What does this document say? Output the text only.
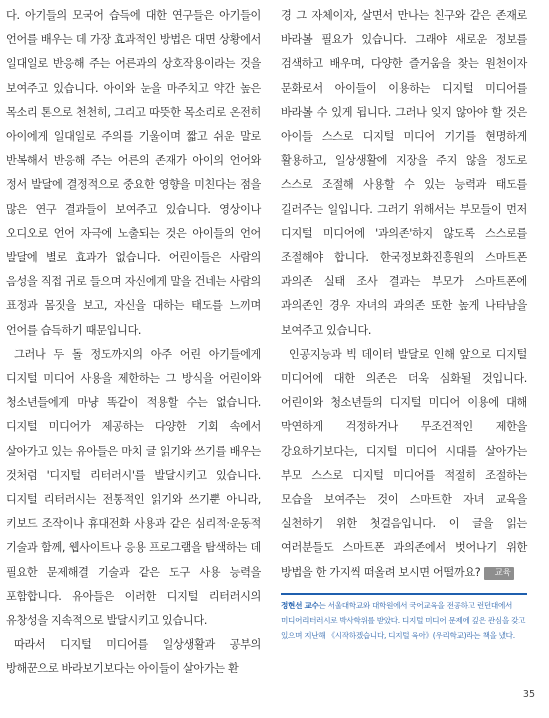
다. 아기들의 모국어 습득에 대한 연구들은 아기들이 언어를 배우는 데 가장 효과적인 방법은 대면 상황에서 일대일로 반응해 주는 어른과의 상호작용이라는 것을 보여주고 있습니다. 아이와 눈을 마주치고 약간 높은 목소리 톤으로 천천히, 그리고 따뜻한 목소리로 온전히 아이에게 일대일로 주의를 기울이며 짧고 쉬운 말로 반복해서 반응해 주는 어른의 존재가 아이의 언어와 정서 발달에 결정적으로 중요한 영향을 미친다는 점을 많은 연구 결과들이 보여주고 있습니다. 영상이나 오디오로 언어 자극에 노출되는 것은 아이들의 언어 발달에 별로 효과가 없습니다. 어린이들은 사람의 음성을 직접 귀로 들으며 자신에게 말을 건네는 사람의 표정과 몸짓을 보고, 자신을 대하는 태도를 느끼며 언어를 습득하기 때문입니다.

그러나 두 돌 정도까지의 아주 어린 아기들에게 디지털 미디어 사용을 제한하는 그 방식을 어린이와 청소년들에게 마냥 똑같이 적용할 수는 없습니다. 디지털 미디어가 제공하는 다양한 기회 속에서 살아가고 있는 유아들은 마치 글 읽기와 쓰기를 배우는 것처럼 '디지털 리터러시'를 발달시키고 있습니다. 디지털 리터러시는 전통적인 읽기와 쓰기뿐 아니라, 키보드 조작이나 휴대전화 사용과 같은 심리적·운동적 기술과 함께, 웹사이트나 응용 프로그램을 탐색하는 데 필요한 문제해결 기술과 같은 도구 사용 능력을 포함합니다. 유아들은 이러한 디지털 리터러시의 유창성을 지속적으로 발달시키고 있습니다.

따라서 디지털 미디어를 일상생활과 공부의 방해꾼으로 바라보기보다는 아이들이 살아가는 환

경 그 자체이자, 살면서 만나는 친구와 같은 존재로 바라볼 필요가 있습니다. 그래야 새로운 정보를 검색하고 배우며, 다양한 즐거움을 찾는 원천이자 문화로서 아이들이 이용하는 디지털 미디어를 바라볼 수 있게 됩니다. 그러나 잊지 않아야 할 것은 아이들 스스로 디지털 미디어 기기를 현명하게 활용하고, 일상생활에 지장을 주지 않을 정도로 스스로 조절해 사용할 수 있는 능력과 태도를 길러주는 일입니다. 그러기 위해서는 부모들이 먼저 디지털 미디어에 '과의존'하지 않도록 스스로를 조절해야 합니다. 한국정보화진흥원의 스마트폰 과의존 실태 조사 결과는 부모가 스마트폰에 과의존인 경우 자녀의 과의존 또한 높게 나타남을 보여주고 있습니다.

인공지능과 빅 데이터 발달로 인해 앞으로 디지털 미디어에 대한 의존은 더욱 심화될 것입니다. 어린이와 청소년들의 디지털 미디어 이용에 대해 막연하게 걱정하거나 무조건적인 제한을 강요하기보다는, 디지털 미디어 시대를 살아가는 부모 스스로 디지털 미디어를 적절히 조절하는 모습을 보여주는 것이 스마트한 자녀 교육을 실천하기 위한 첫걸음입니다. 이 글을 읽는 여러분들도 스마트폰 과의존에서 벗어나기 위한 방법을 한 가지씩 떠올려 보시면 어떨까요? 교육

정현선 교수는 서울대학교와 대학원에서 국어교육을 전공하고 런던대에서 미디어리터러시로 박사학위를 받았다. 디지털 미디어 문제에 깊은 관심을 갖고 있으며 지난해 《시작하겠습니다, 디지털 육아》(우리학교)라는 책을 냈다.

35
